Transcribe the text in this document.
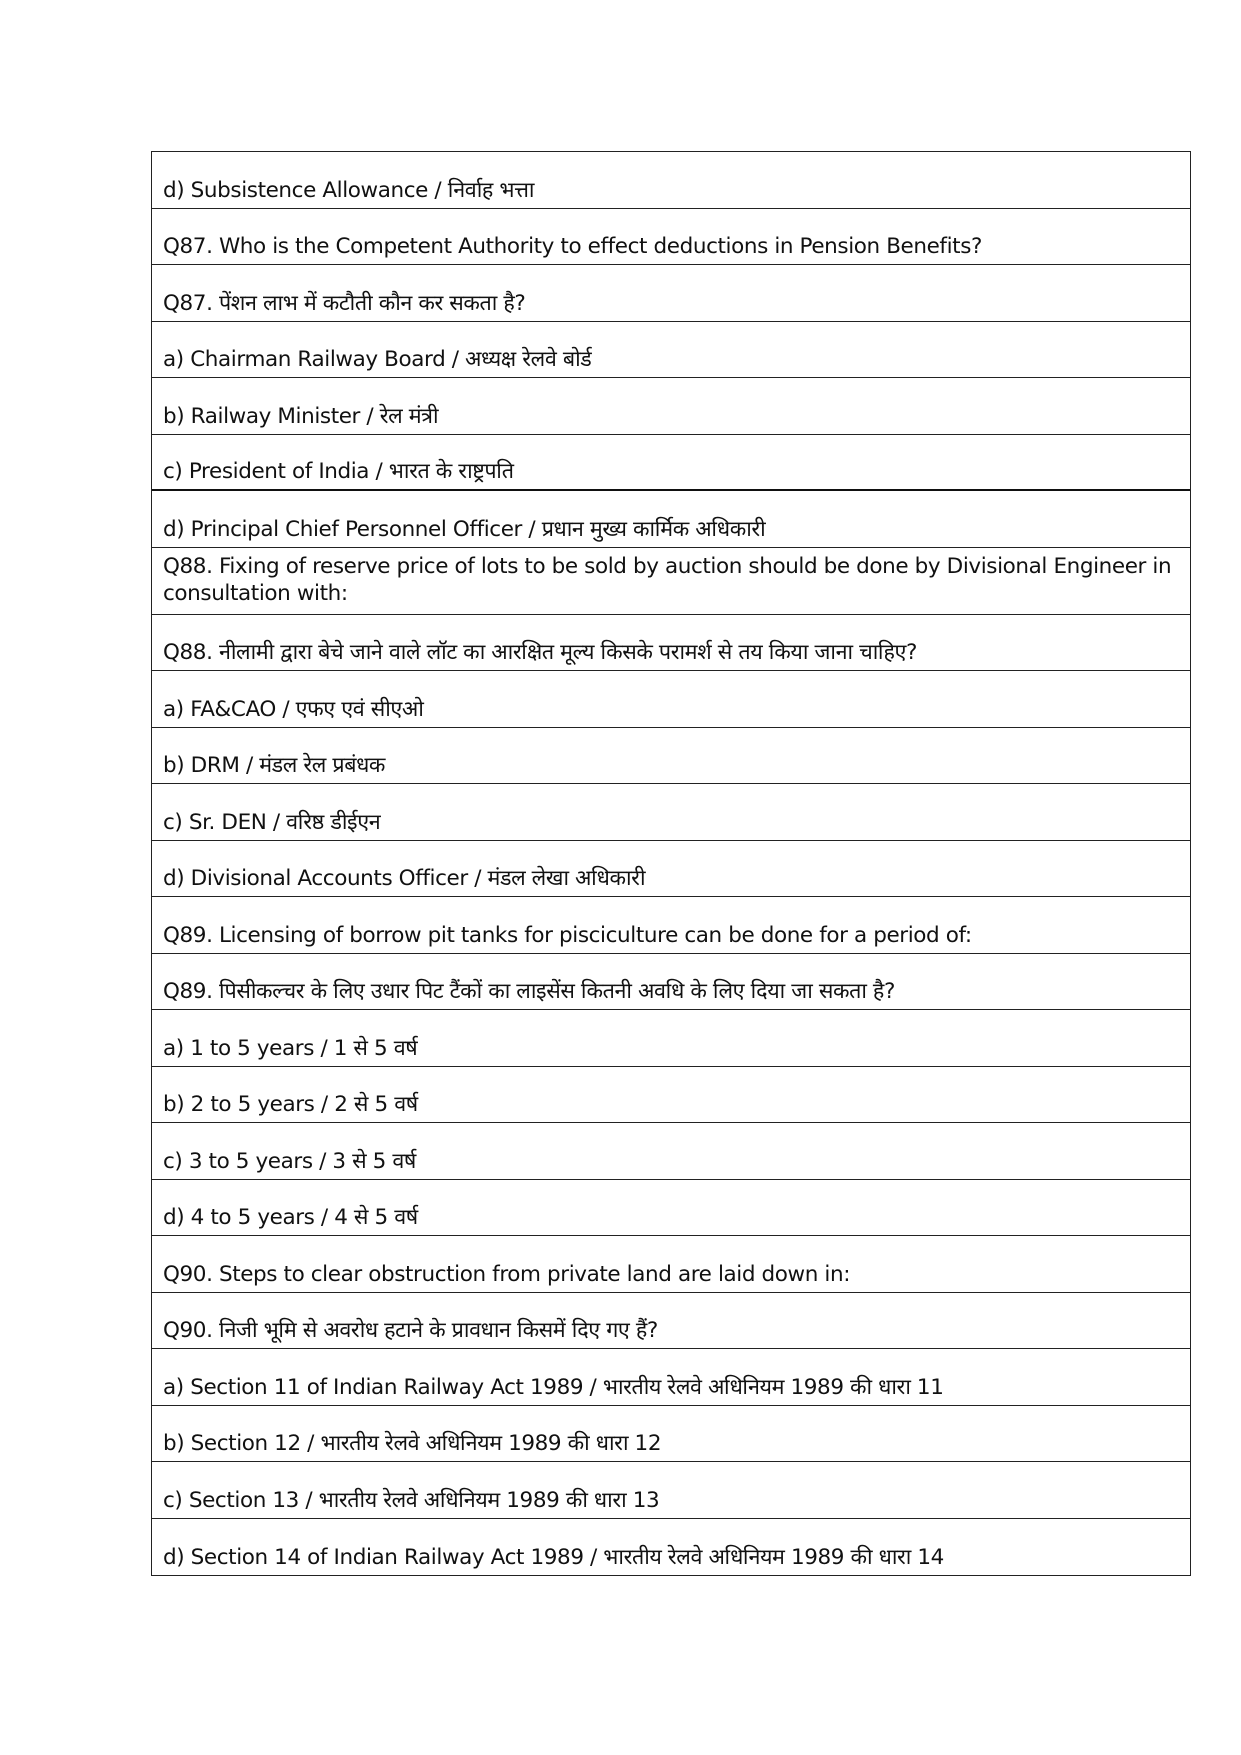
d) Subsistence Allowance / निर्वाह भत्ता
Q87. Who is the Competent Authority to effect deductions in Pension Benefits?
Q87. पेंशन लाभ में कटौती कौन कर सकता है?
a) Chairman Railway Board / अध्यक्ष रेलवे बोर्ड
b) Railway Minister / रेल मंत्री
c) President of India / भारत के राष्ट्रपति
d) Principal Chief Personnel Officer / प्रधान मुख्य कार्मिक अधिकारी
Q88. Fixing of reserve price of lots to be sold by auction should be done by Divisional Engineer in consultation with:
Q88. नीलामी द्वारा बेचे जाने वाले लॉट का आरक्षित मूल्य किसके परामर्श से तय किया जाना चाहिए?
a) FA&CAO / एफए एवं सीएओ
b) DRM / मंडल रेल प्रबंधक
c) Sr. DEN / वरिष्ठ डीईएन
d) Divisional Accounts Officer / मंडल लेखा अधिकारी
Q89. Licensing of borrow pit tanks for pisciculture can be done for a period of:
Q89. पिसीकल्चर के लिए उधार पिट टैंकों का लाइसेंस कितनी अवधि के लिए दिया जा सकता है?
a) 1 to 5 years / 1 से 5 वर्ष
b) 2 to 5 years / 2 से 5 वर्ष
c) 3 to 5 years / 3 से 5 वर्ष
d) 4 to 5 years / 4 से 5 वर्ष
Q90. Steps to clear obstruction from private land are laid down in:
Q90. निजी भूमि से अवरोध हटाने के प्रावधान किसमें दिए गए हैं?
a) Section 11 of Indian Railway Act 1989 / भारतीय रेलवे अधिनियम 1989 की धारा 11
b) Section 12 / भारतीय रेलवे अधिनियम 1989 की धारा 12
c) Section 13 / भारतीय रेलवे अधिनियम 1989 की धारा 13
d) Section 14 of Indian Railway Act 1989 / भारतीय रेलवे अधिनियम 1989 की धारा 14
